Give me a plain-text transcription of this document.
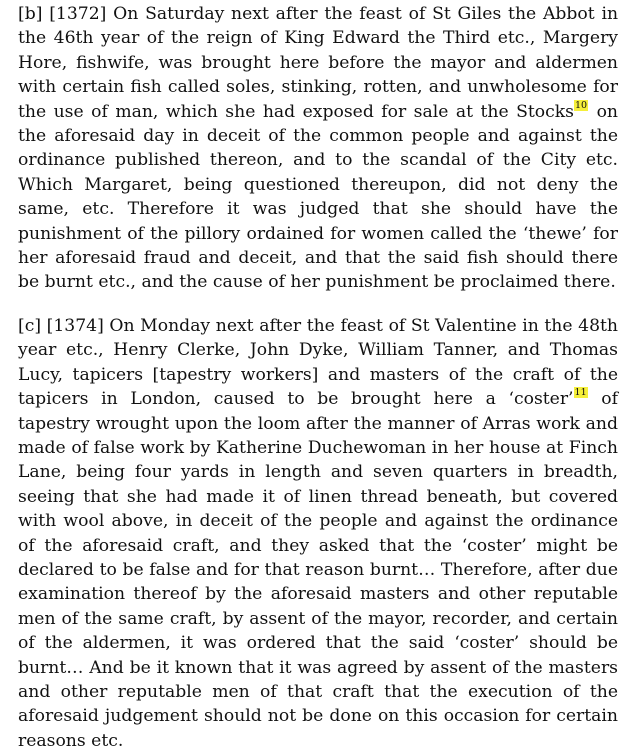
[b] [1372] On Saturday next after the feast of St Giles the Abbot in the 46th year of the reign of King Edward the Third etc., Margery Hore, fishwife, was brought here before the mayor and aldermen with certain fish called soles, stinking, rotten, and unwholesome for the use of man, which she had exposed for sale at the Stocks10 on the aforesaid day in deceit of the common people and against the ordinance published thereon, and to the scandal of the City etc. Which Margaret, being questioned thereupon, did not deny the same, etc. Therefore it was judged that she should have the punishment of the pillory ordained for women called the ‘thewe’ for her aforesaid fraud and deceit, and that the said fish should there be burnt etc., and the cause of her punishment be proclaimed there.

[c] [1374] On Monday next after the feast of St Valentine in the 48th year etc., Henry Clerke, John Dyke, William Tanner, and Thomas Lucy, tapicers [tapestry workers] and masters of the craft of the tapicers in London, caused to be brought here a ‘coster’11 of tapestry wrought upon the loom after the manner of Arras work and made of false work by Katherine Duchewoman in her house at Finch Lane, being four yards in length and seven quarters in breadth, seeing that she had made it of linen thread beneath, but covered with wool above, in deceit of the people and against the ordinance of the aforesaid craft, and they asked that the ‘coster’ might be declared to be false and for that reason burnt… Therefore, after due examination thereof by the aforesaid masters and other reputable men of the same craft, by assent of the mayor, recorder, and certain of the aldermen, it was ordered that the said ‘coster’ should be burnt… And be it known that it was agreed by assent of the masters and other reputable men of that craft that the execution of the aforesaid judgement should not be done on this occasion for certain reasons etc.
